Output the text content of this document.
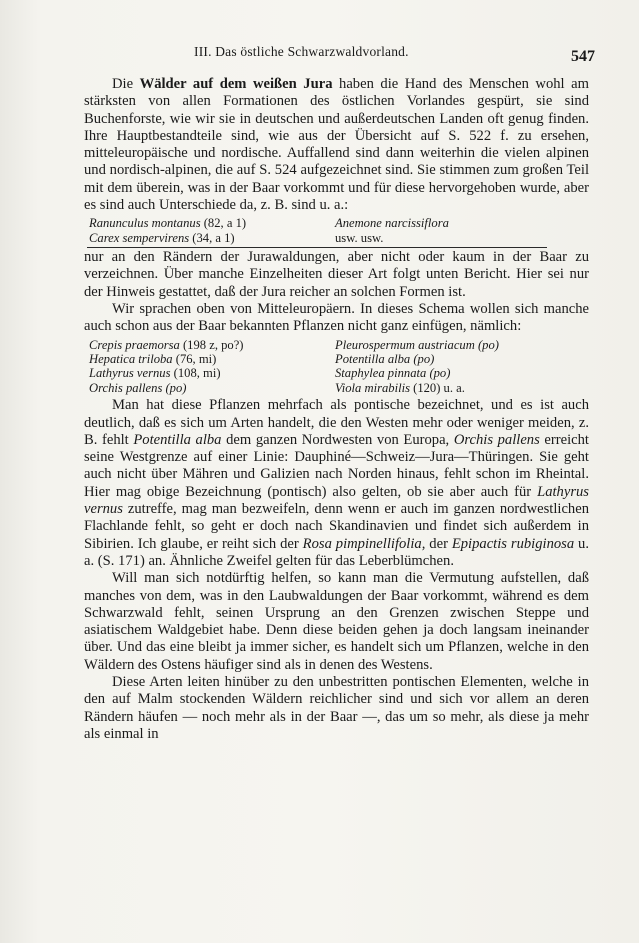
III. Das östliche Schwarzwaldvorland.	547

Die Wälder auf dem weißen Jura haben die Hand des Menschen wohl am stärksten von allen Formationen des östlichen Vorlandes gespürt, sie sind Buchenforste, wie wir sie in deutschen und außerdeutschen Landen oft genug finden. Ihre Hauptbestandteile sind, wie aus der Übersicht auf S. 522 f. zu ersehen, mitteleuropäische und nordische. Auffallend sind dann weiterhin die vielen alpinen und nordisch-alpinen, die auf S. 524 aufgezeichnet sind. Sie stimmen zum großen Teil mit dem überein, was in der Baar vorkommt und für diese hervorgehoben wurde, aber es sind auch Unterschiede da, z. B. sind u. a.:

Ranunculus montanus (82, a 1)	Anemone narcissiflora
Carex sempervirens (34, a 1)	usw. usw.

nur an den Rändern der Jurawaldungen, aber nicht oder kaum in der Baar zu verzeichnen. Über manche Einzelheiten dieser Art folgt unten Bericht. Hier sei nur der Hinweis gestattet, daß der Jura reicher an solchen Formen ist.

Wir sprachen oben von Mitteleuropäern. In dieses Schema wollen sich manche auch schon aus der Baar bekannten Pflanzen nicht ganz einfügen, nämlich:

Crepis praemorsa (198 z, po?)	Pleurospermum austriacum (po)
Hepatica triloba (76, mi)	Potentilla alba (po)
Lathyrus vernus (108, mi)	Staphylea pinnata (po)
Orchis pallens (po)	Viola mirabilis (120) u. a.

Man hat diese Pflanzen mehrfach als pontische bezeichnet, und es ist auch deutlich, daß es sich um Arten handelt, die den Westen mehr oder weniger meiden, z. B. fehlt Potentilla alba dem ganzen Nordwesten von Europa, Orchis pallens erreicht seine Westgrenze auf einer Linie: Dauphiné—Schweiz—Jura—Thüringen. Sie geht auch nicht über Mähren und Galizien nach Norden hinaus, fehlt schon im Rheintal. Hier mag obige Bezeichnung (pontisch) also gelten, ob sie aber auch für Lathyrus vernus zutreffe, mag man bezweifeln, denn wenn er auch im ganzen nordwestlichen Flachlande fehlt, so geht er doch nach Skandinavien und findet sich außerdem in Sibirien. Ich glaube, er reiht sich der Rosa pimpinellifolia, der Epipactis rubiginosa u. a. (S. 171) an. Ähnliche Zweifel gelten für das Leberblümchen.

Will man sich notdürftig helfen, so kann man die Vermutung aufstellen, daß manches von dem, was in den Laubwaldungen der Baar vorkommt, während es dem Schwarzwald fehlt, seinen Ursprung an den Grenzen zwischen Steppe und asiatischem Waldgebiet habe. Denn diese beiden gehen ja doch langsam ineinander über. Und das eine bleibt ja immer sicher, es handelt sich um Pflanzen, welche in den Wäldern des Ostens häufiger sind als in denen des Westens.

Diese Arten leiten hinüber zu den unbestritten pontischen Elementen, welche in den auf Malm stockenden Wäldern reichlicher sind und sich vor allem an deren Rändern häufen — noch mehr als in der Baar —, das um so mehr, als diese ja mehr als einmal in
